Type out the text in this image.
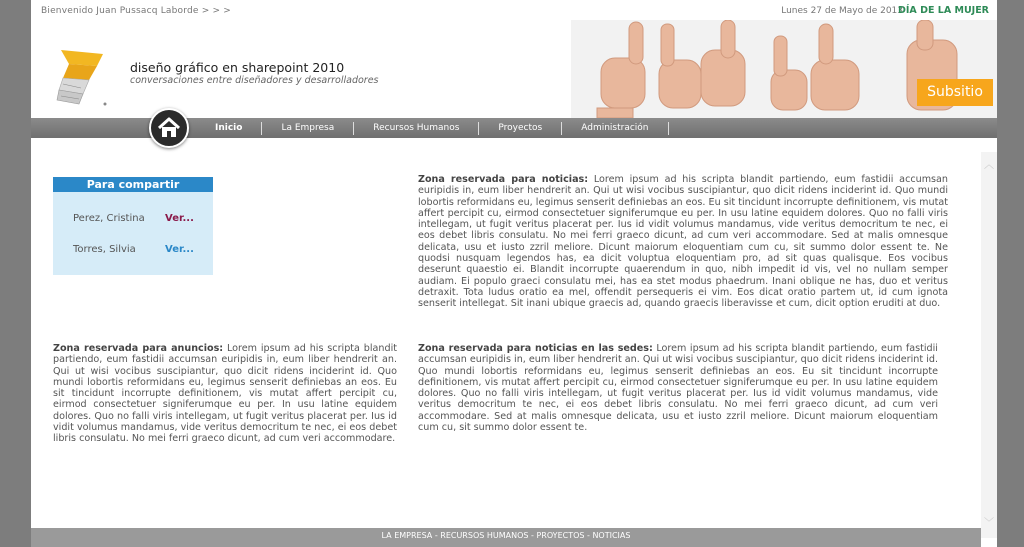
Bienvenido Juan Pussacq Laborde > > >	Lunes 27 de Mayo de 2013
DÍA DE LA MUJER
diseño gráfico en sharepoint 2010
conversaciones entre diseñadores y desarrolladores
Subsitio
Inicio	La Empresa	Recursos Humanos	Proyectos	Administración
Para compartir
Perez, Cristina Ver...
Torres, Silvia	Ver...
Zona reservada para noticias: Lorem ipsum ad his scripta blandit partiendo, eum fastidii accumsan euripidis in, eum liber hendrerit an. Qui ut wisi vocibus suscipiantur, quo dicit ridens inciderint id. Quo mundi lobortis reformidans eu, legimus senserit definiebas an eos. Eu sit tincidunt incorrupte definitionem, vis mutat affert percipit cu, eirmod consectetuer signiferumque eu per. In usu latine equidem dolores. Quo no falli viris intellegam, ut fugit veritus placerat per. Ius id vidit volumus mandamus, vide veritus democritum te nec, ei eos debet libris consulatu. No mei ferri graeco dicunt, ad cum veri accommodare. Sed at malis omnesque delicata, usu et iusto zzril meliore. Dicunt maiorum eloquentiam cum cu, sit summo dolor essent te. Ne quodsi nusquam legendos has, ea dicit voluptua eloquentiam pro, ad sit quas qualisque. Eos vocibus deserunt quaestio ei. Blandit incorrupte quaerendum in quo, nibh impedit id vis, vel no nullam semper audiam. Ei populo graeci consulatu mei, has ea stet modus phaedrum. Inani oblique ne has, duo et veritus detraxit. Tota ludus oratio ea mel, offendit persequeris ei vim. Eos dicat oratio partem ut, id cum ignota senserit intellegat. Sit inani ubique graecis ad, quando graecis liberavisse et cum, dicit option eruditi at duo.
Zona reservada para anuncios: Lorem ipsum ad his scripta blandit partiendo, eum fastidii accumsan euripidis in, eum liber hendrerit an. Qui ut wisi vocibus suscipiantur, quo dicit ridens inciderint id. Quo mundi lobortis reformidans eu, legimus senserit definiebas an eos. Eu sit tincidunt incorrupte definitionem, vis mutat affert percipit cu, eirmod consectetuer signiferumque eu per. In usu latine equidem dolores. Quo no falli viris intellegam, ut fugit veritus placerat per. Ius id vidit volumus mandamus, vide veritus democritum te nec, ei eos debet libris consulatu. No mei ferri graeco dicunt, ad cum veri accommodare.
Zona reservada para noticias en las sedes: Lorem ipsum ad his scripta blandit partiendo, eum fastidii accumsan euripidis in, eum liber hendrerit an. Qui ut wisi vocibus suscipiantur, quo dicit ridens inciderint id. Quo mundi lobortis reformidans eu, legimus senserit definiebas an eos. Eu sit tincidunt incorrupte definitionem, vis mutat affert percipit cu, eirmod consectetuer signiferumque eu per. In usu latine equidem dolores. Quo no falli viris intellegam, ut fugit veritus placerat per. Ius id vidit volumus mandamus, vide veritus democritum te nec, ei eos debet libris consulatu. No mei ferri graeco dicunt, ad cum veri accommodare. Sed at malis omnesque delicata, usu et iusto zzril meliore. Dicunt maiorum eloquentiam cum cu, sit summo dolor essent te.
︿
﹀
LA EMPRESA - RECURSOS HUMANOS - PROYECTOS - NOTICIAS
